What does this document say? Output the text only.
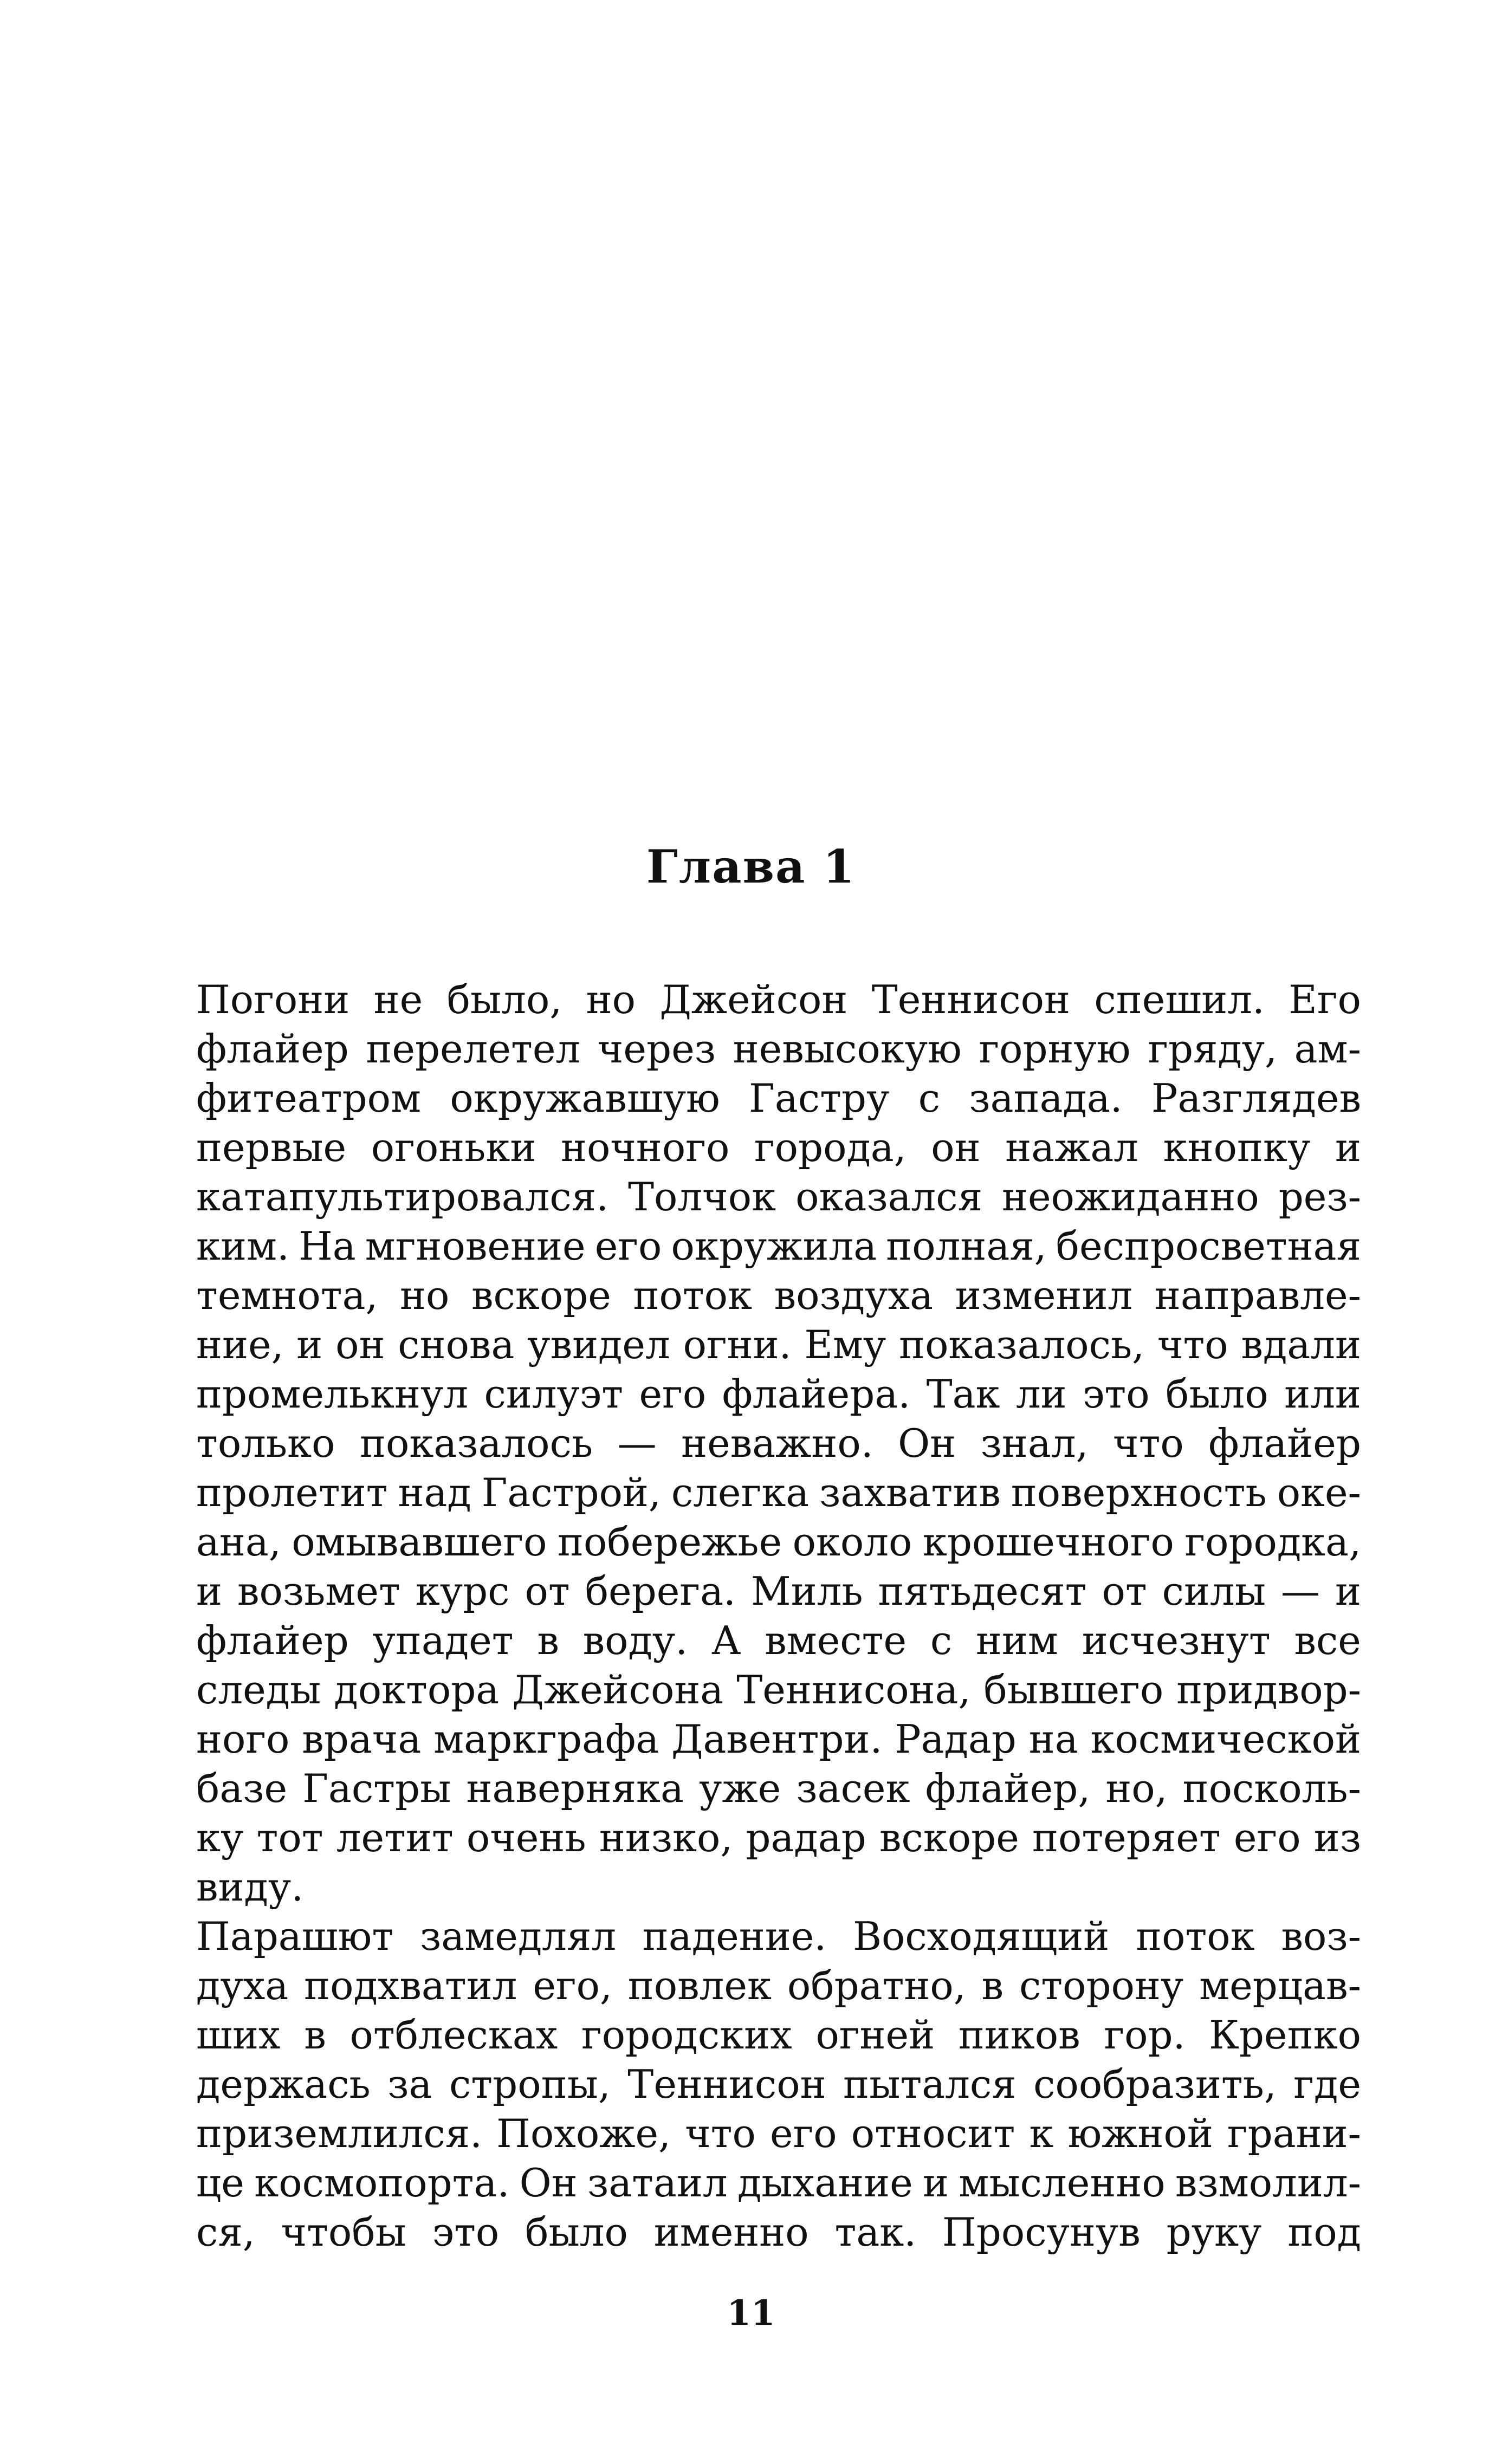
Глава 1
Погони не было, но Джейсон Теннисон спешил. Его
флайер перелетел через невысокую горную гряду, ам-
фитеатром окружавшую Гастру с запада. Разглядев
первые огоньки ночного города, он нажал кнопку и
катапультировался. Толчок оказался неожиданно рез-
ким. На мгновение его окружила полная, беспросветная
темнота, но вскоре поток воздуха изменил направле-
ние, и он снова увидел огни. Ему показалось, что вдали
промелькнул силуэт его флайера. Так ли это было или
только показалось — неважно. Он знал, что флайер
пролетит над Гастрой, слегка захватив поверхность оке-
ана, омывавшего побережье около крошечного городка,
и возьмет курс от берега. Миль пятьдесят от силы — и
флайер упадет в воду. А вместе с ним исчезнут все
следы доктора Джейсона Теннисона, бывшего придвор-
ного врача маркграфа Давентри. Радар на космической
базе Гастры наверняка уже засек флайер, но, посколь-
ку тот летит очень низко, радар вскоре потеряет его из
виду.
Парашют замедлял падение. Восходящий поток воз-
духа подхватил его, повлек обратно, в сторону мерцав-
ших в отблесках городских огней пиков гор. Крепко
держась за стропы, Теннисон пытался сообразить, где
приземлился. Похоже, что его относит к южной грани-
це космопорта. Он затаил дыхание и мысленно взмолил-
ся, чтобы это было именно так. Просунув руку под
11
